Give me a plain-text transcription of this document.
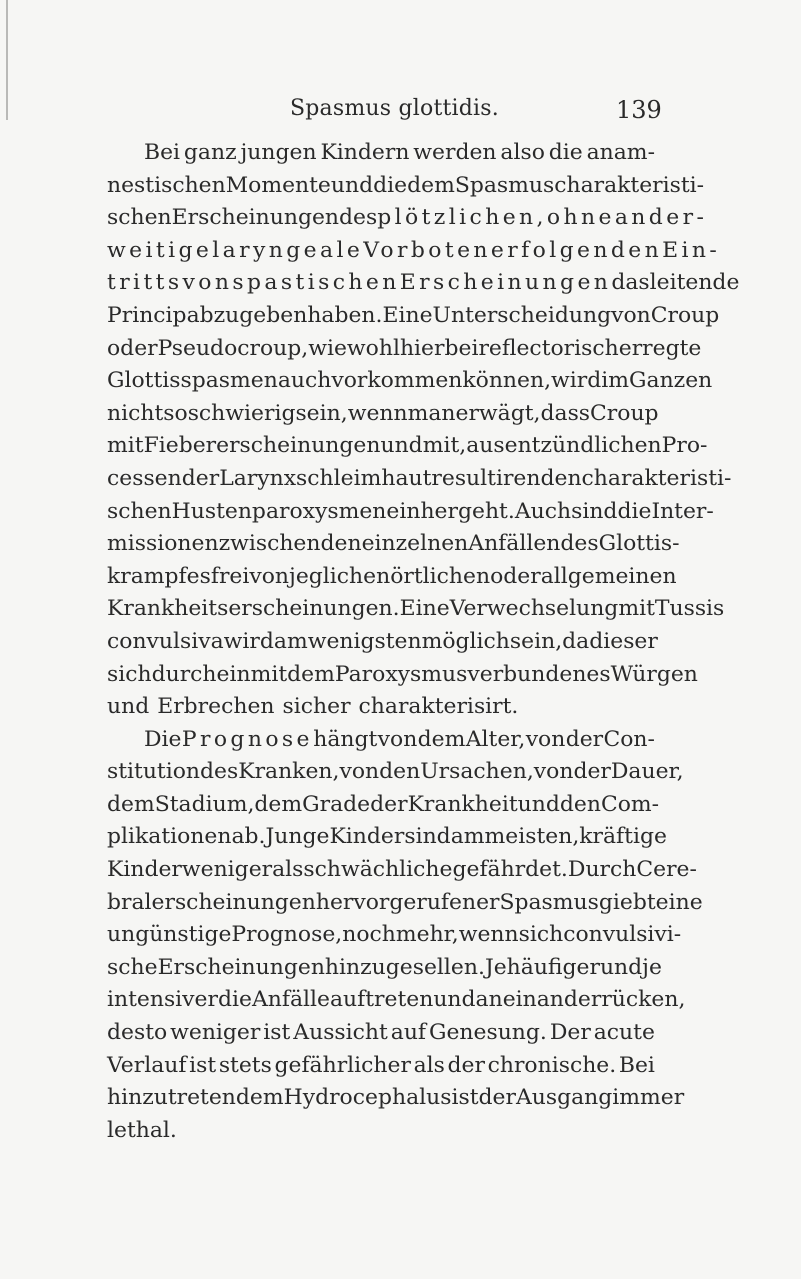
Spasmus glottidis.	139
Bei ganz jungen Kindern werden also die anam-
nestischen Momente und die dem Spasmus charakteristi-
schen Erscheinungen des plötzlichen, ohne ander-
weitige laryngeale Vorboten erfolgenden Ein-
tritts von spastischen Erscheinungen das leitende
Princip abzugeben haben. Eine Unterscheidung von Croup
oder Pseudocroup, wiewohl hierbei reflectorisch erregte
Glottisspasmen auch vorkommen können, wird im Ganzen
nicht so schwierig sein, wenn man erwägt, dass Croup
mit Fiebererscheinungen und mit, aus entzündlichen Pro-
cessen der Larynxschleimhaut resultirenden charakteristi-
schen Hustenparoxysmen einhergeht. Auch sind die Inter-
missionen zwischen den einzelnen Anfällen des Glottis-
krampfes frei von jeglichen örtlichen oder allgemeinen
Krankheitserscheinungen. Eine Verwechselung mit Tussis
convulsiva wird am wenigsten möglich sein, da dieser
sich durch ein mit dem Paroxysmus verbundenes Würgen
und Erbrechen sicher charakterisirt.
Die Prognose hängt von dem Alter, von der Con-
stitution des Kranken, von den Ursachen, von der Dauer,
dem Stadium, dem Grade der Krankheit und den Com-
plikationen ab. Junge Kinder sind am meisten, kräftige
Kinder weniger als schwächliche gefährdet. Durch Cere-
bralerscheinungen hervorgerufener Spasmus giebt eine
ungünstige Prognose, noch mehr, wenn sich convulsivi-
sche Erscheinungen hinzugesellen. Je häufiger und je
intensiver die Anfälle auftreten und an einander rücken,
desto weniger ist Aussicht auf Genesung. Der acute
Verlauf ist stets gefährlicher als der chronische. Bei
hinzutretendem Hydrocephalus ist der Ausgang immer
lethal.
